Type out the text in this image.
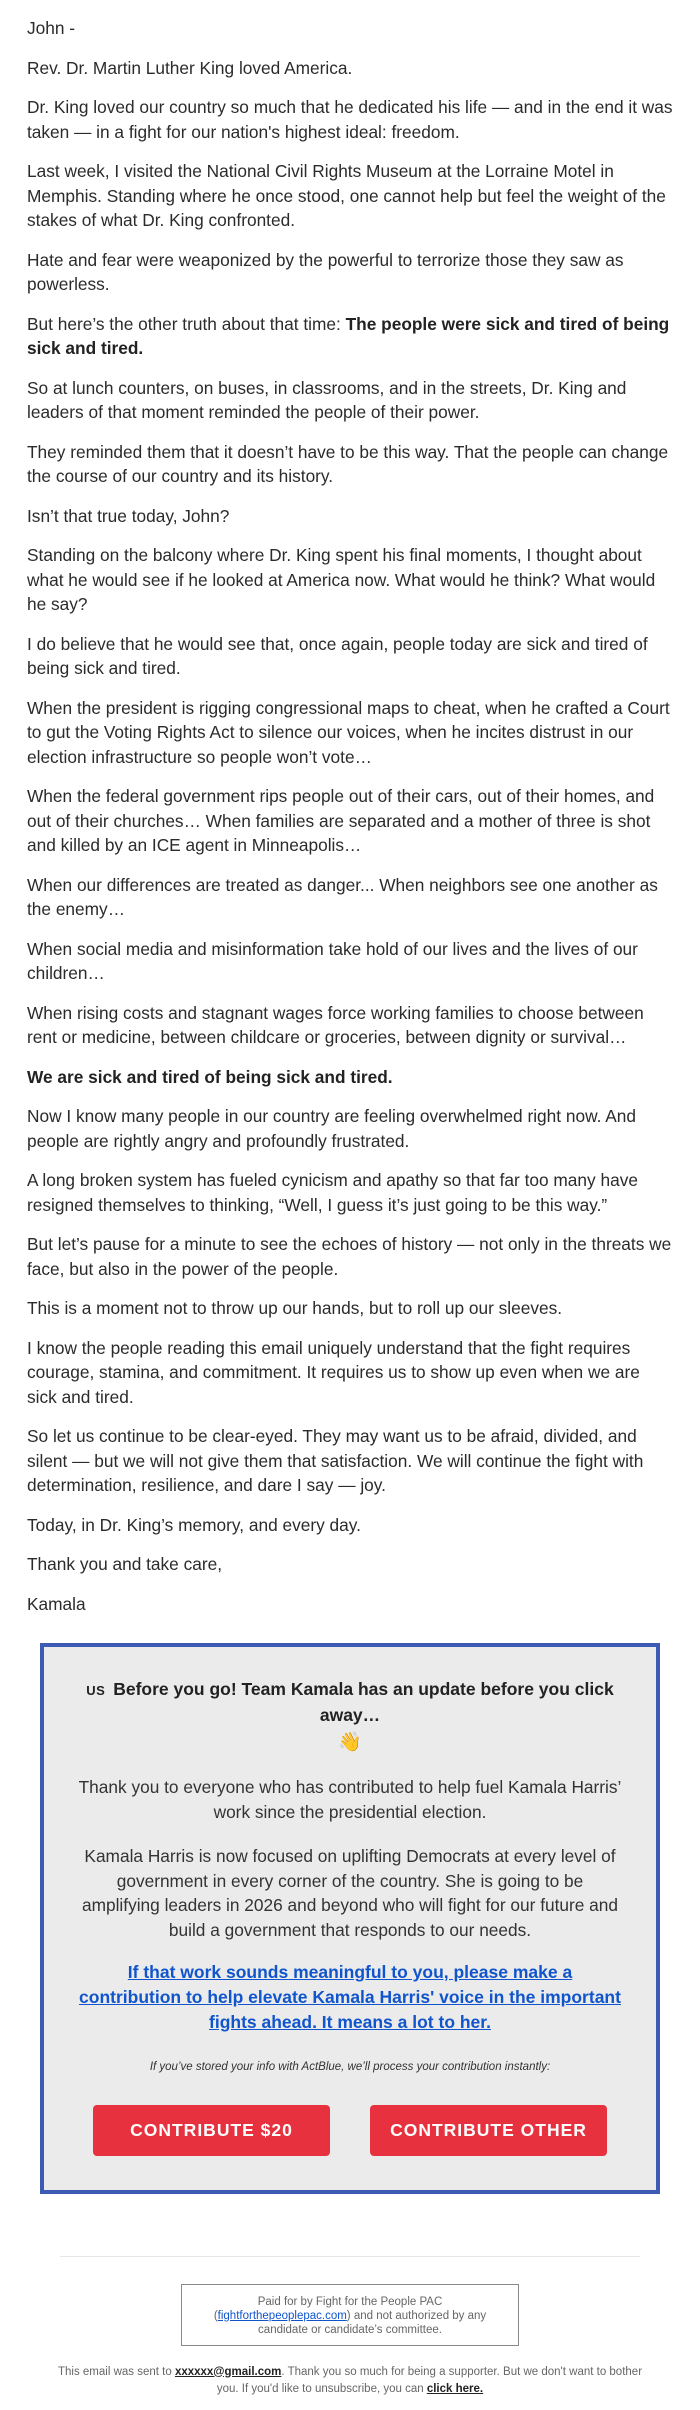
John -

Rev. Dr. Martin Luther King loved America.

Dr. King loved our country so much that he dedicated his life — and in the end it was taken — in a fight for our nation's highest ideal: freedom.

Last week, I visited the National Civil Rights Museum at the Lorraine Motel in Memphis. Standing where he once stood, one cannot help but feel the weight of the stakes of what Dr. King confronted.

Hate and fear were weaponized by the powerful to terrorize those they saw as powerless.

But here’s the other truth about that time: The people were sick and tired of being sick and tired.

So at lunch counters, on buses, in classrooms, and in the streets, Dr. King and leaders of that moment reminded the people of their power.

They reminded them that it doesn’t have to be this way. That the people can change the course of our country and its history.

Isn’t that true today, John?

Standing on the balcony where Dr. King spent his final moments, I thought about what he would see if he looked at America now. What would he think? What would he say?

I do believe that he would see that, once again, people today are sick and tired of being sick and tired.

When the president is rigging congressional maps to cheat, when he crafted a Court to gut the Voting Rights Act to silence our voices, when he incites distrust in our election infrastructure so people won’t vote…

When the federal government rips people out of their cars, out of their homes, and out of their churches… When families are separated and a mother of three is shot and killed by an ICE agent in Minneapolis…

When our differences are treated as danger... When neighbors see one another as the enemy…

When social media and misinformation take hold of our lives and the lives of our children…

When rising costs and stagnant wages force working families to choose between rent or medicine, between childcare or groceries, between dignity or survival…

We are sick and tired of being sick and tired.

Now I know many people in our country are feeling overwhelmed right now. And people are rightly angry and profoundly frustrated.

A long broken system has fueled cynicism and apathy so that far too many have resigned themselves to thinking, “Well, I guess it’s just going to be this way.”

But let’s pause for a minute to see the echoes of history — not only in the threats we face, but also in the power of the people.

This is a moment not to throw up our hands, but to roll up our sleeves.

I know the people reading this email uniquely understand that the fight requires courage, stamina, and commitment. It requires us to show up even when we are sick and tired.

So let us continue to be clear-eyed. They may want us to be afraid, divided, and silent — but we will not give them that satisfaction. We will continue the fight with determination, resilience, and dare I say — joy.

Today, in Dr. King’s memory, and every day.

Thank you and take care,

Kamala

US Before you go! Team Kamala has an update before you click away…
👋

Thank you to everyone who has contributed to help fuel Kamala Harris’ work since the presidential election.

Kamala Harris is now focused on uplifting Democrats at every level of government in every corner of the country. She is going to be amplifying leaders in 2026 and beyond who will fight for our future and build a government that responds to our needs.

If that work sounds meaningful to you, please make a contribution to help elevate Kamala Harris' voice in the important fights ahead. It means a lot to her.

If you’ve stored your info with ActBlue, we’ll process your contribution instantly:

CONTRIBUTE $20	CONTRIBUTE OTHER
Paid for by Fight for the People PAC
(fightforthepeoplepac.com) and not authorized by any candidate or candidate’s committee.
This email was sent to xxxxxx@gmail.com. Thank you so much for being a supporter. But we don't want to bother you. If you'd like to unsubscribe, you can click here.
